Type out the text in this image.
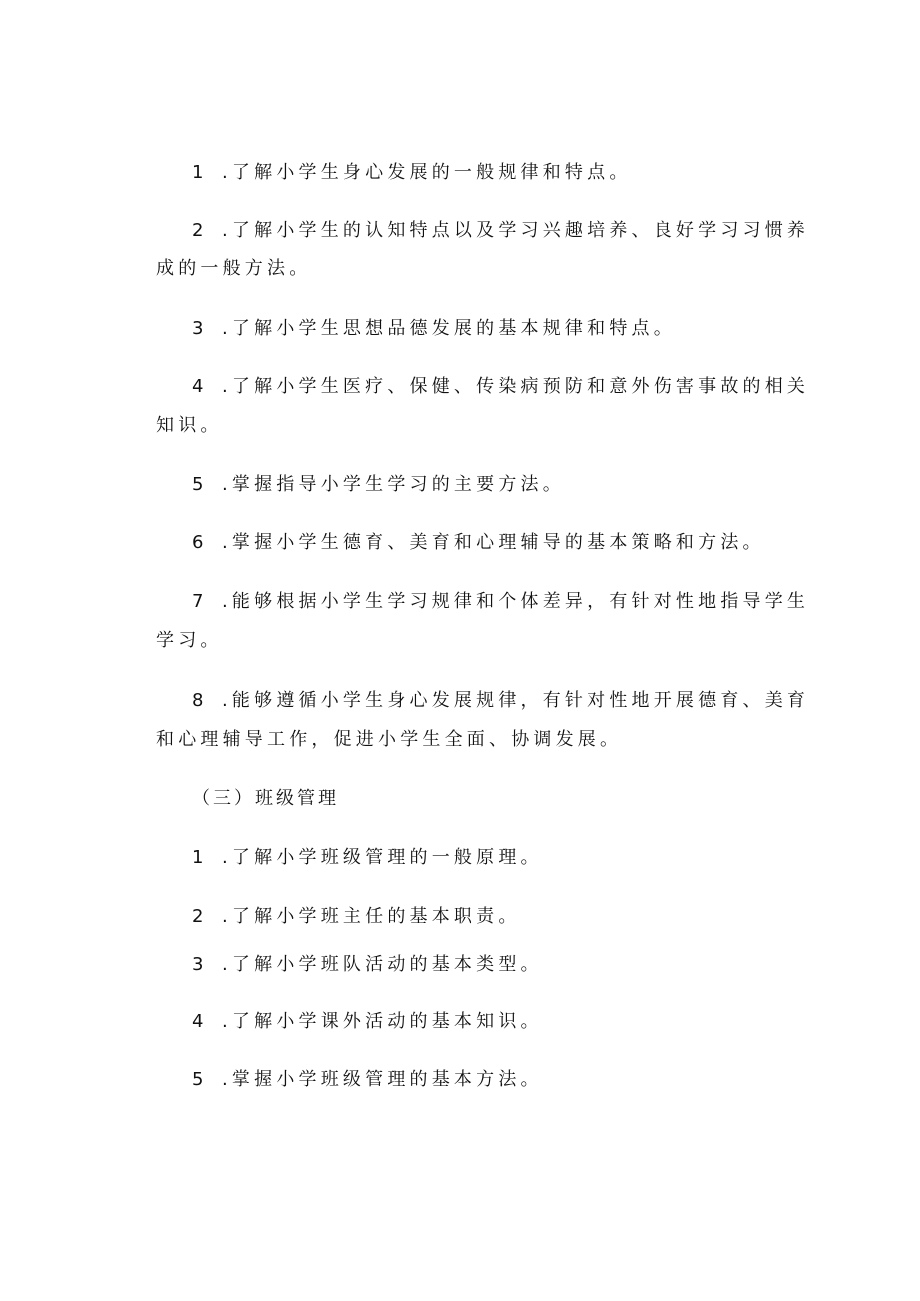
1 .了解小学生身心发展的一般规律和特点。
2 .了解小学生的认知特点以及学习兴趣培养、良好学习习惯养
成的一般方法。
3 .了解小学生思想品德发展的基本规律和特点。
4 .了解小学生医疗、保健、传染病预防和意外伤害事故的相关
知识。
5 .掌握指导小学生学习的主要方法。
6 .掌握小学生德育、美育和心理辅导的基本策略和方法。
7 .能够根据小学生学习规律和个体差异，有针对性地指导学生
学习。
8 .能够遵循小学生身心发展规律，有针对性地开展德育、美育
和心理辅导工作，促进小学生全面、协调发展。
（三）班级管理
1 .了解小学班级管理的一般原理。
2 .了解小学班主任的基本职责。
3 .了解小学班队活动的基本类型。
4 .了解小学课外活动的基本知识。
5 .掌握小学班级管理的基本方法。
